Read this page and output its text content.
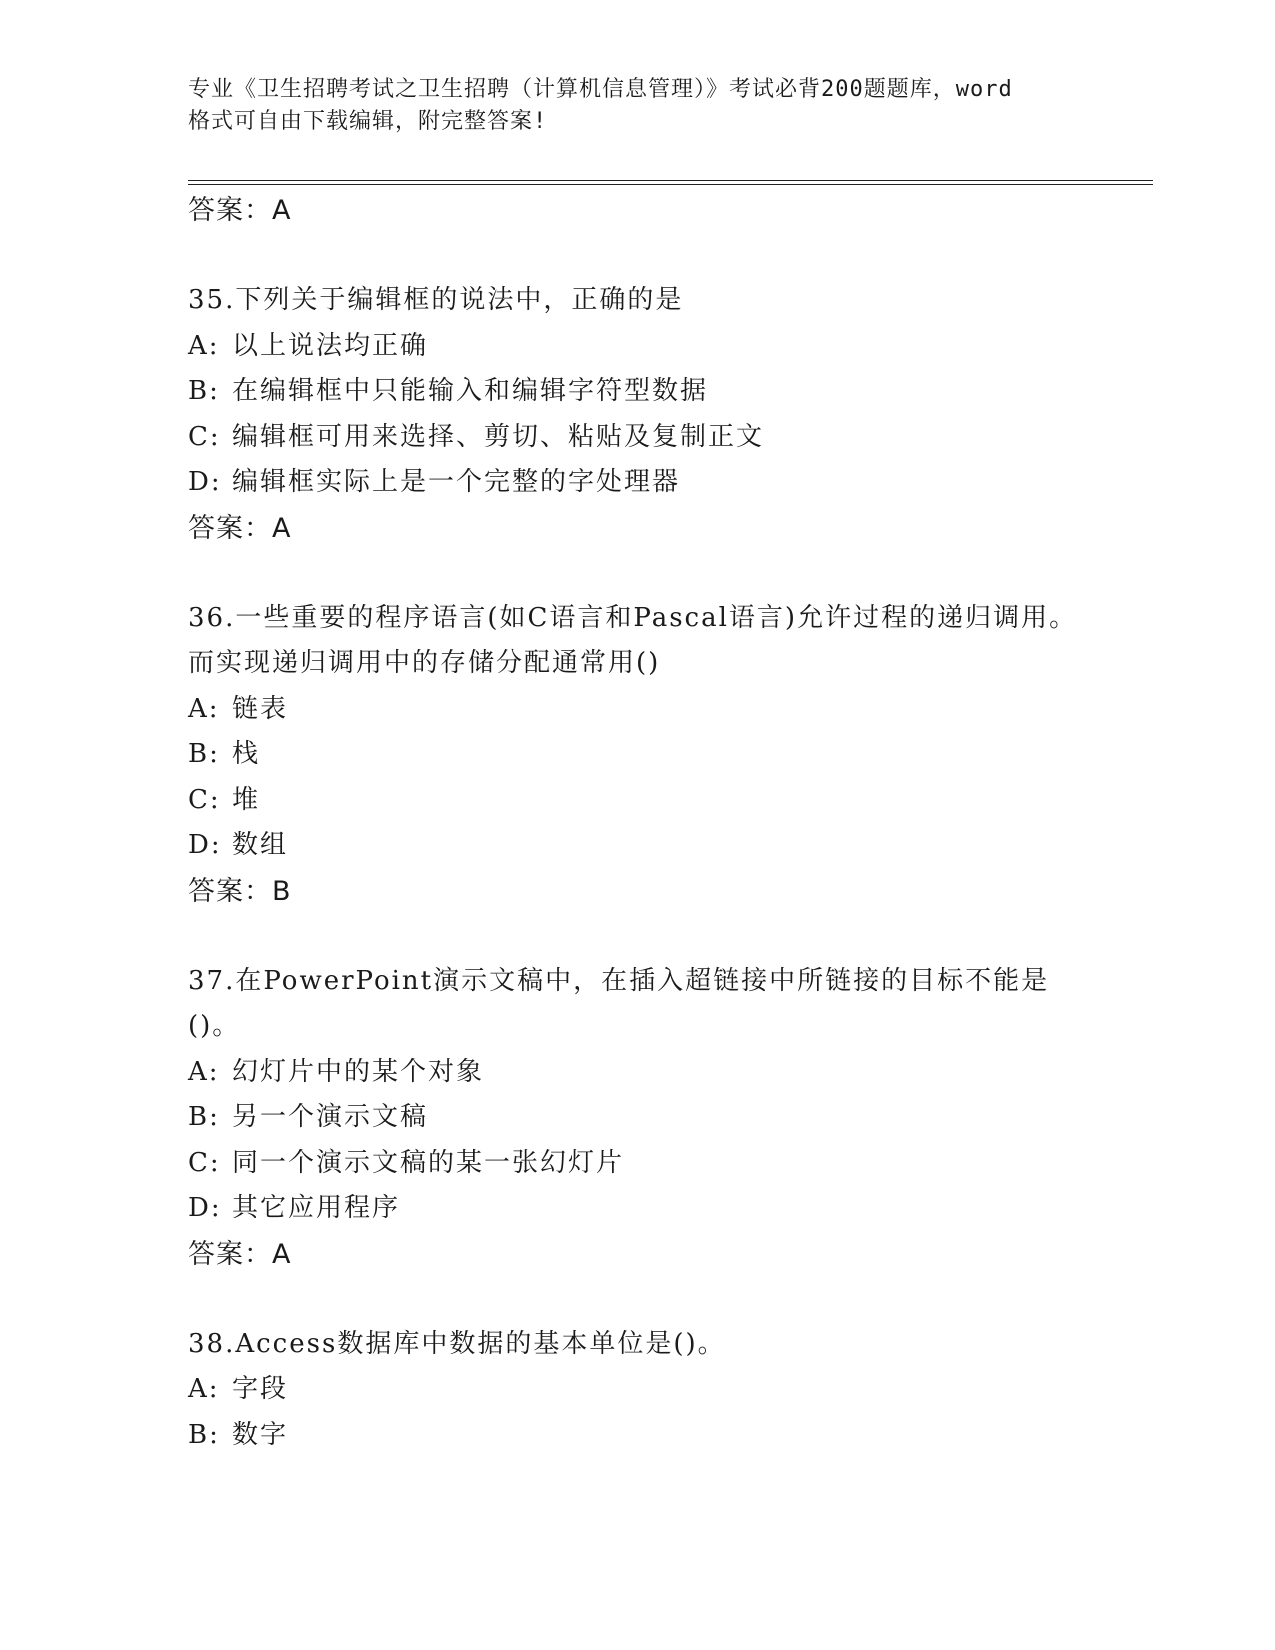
专业《卫生招聘考试之卫生招聘（计算机信息管理）》考试必背200题题库，word
格式可自由下载编辑，附完整答案!
答案：A
35.下列关于编辑框的说法中，正确的是
A: 以上说法均正确
B: 在编辑框中只能输入和编辑字符型数据
C: 编辑框可用来选择、剪切、粘贴及复制正文
D: 编辑框实际上是一个完整的字处理器
答案：A
36.一些重要的程序语言(如C语言和Pascal语言)允许过程的递归调用。而实现递归调用中的存储分配通常用()
A: 链表
B: 栈
C: 堆
D: 数组
答案：B
37.在PowerPoint演示文稿中，在插入超链接中所链接的目标不能是()。
A: 幻灯片中的某个对象
B: 另一个演示文稿
C: 同一个演示文稿的某一张幻灯片
D: 其它应用程序
答案：A
38.Access数据库中数据的基本单位是()。
A: 字段
B: 数字
